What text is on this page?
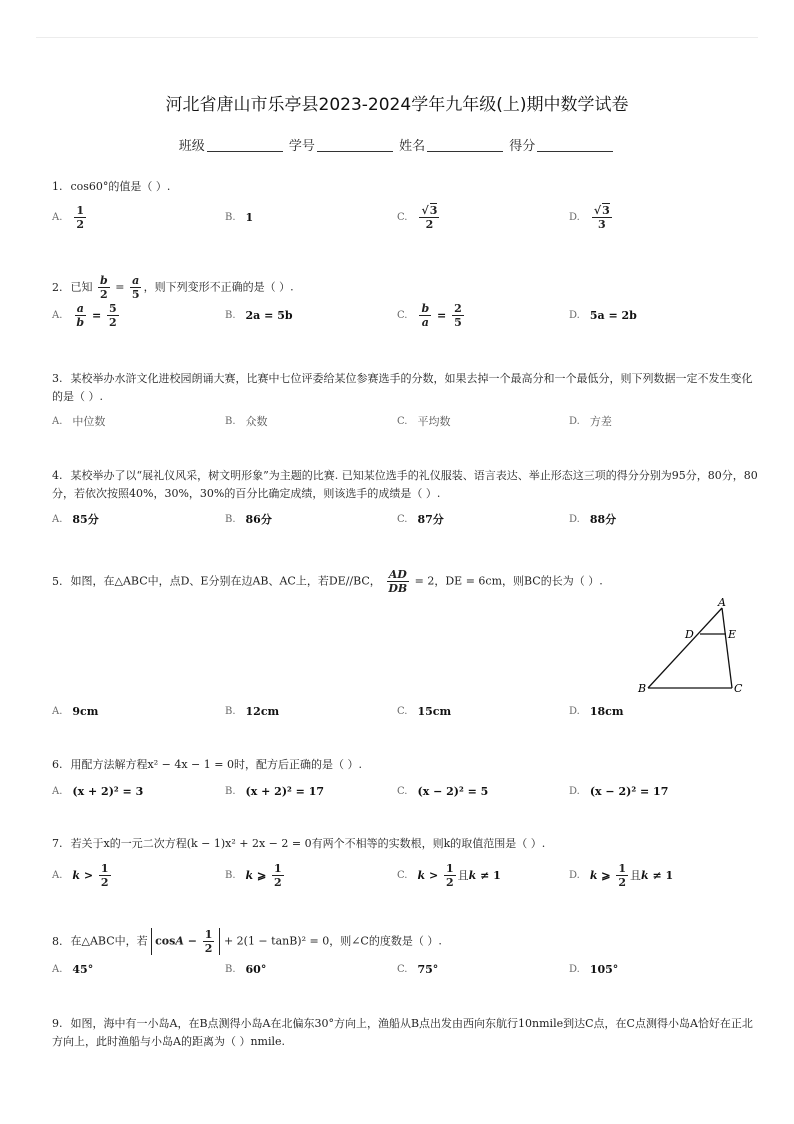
河北省唐山市乐亭县2023-2024学年九年级(上)期中数学试卷
班级	学号	姓名	得分
1. cos60°的值是（ ）.
A. $\frac{1}{2}$	B. 1	C. $\frac{√3}{2}$	D. $\frac{√3}{3}$
2. 已知 $\frac{b}{2} = \frac{a}{5}$ ，则下列变形不正确的是（ ）.
A. $\frac{a}{b} = \frac{5}{2}$	B. 2a = 5b	C. $\frac{b}{a} = \frac{2}{5}$	D. 5a = 2b
3. 某校举办水浒文化进校园朗诵大赛，比赛中七位评委给某位参赛选手的分数，如果去掉一个最高分和一个最低分，则下列数据一定不发生变化的是（ ）.
A. 中位数	B. 众数	C. 平均数	D. 方差
4. 某校举办了以“展礼仪风采，树文明形象”为主题的比赛. 已知某位选手的礼仪服装、语言表达、举止形态这三项的得分分别为95分，80分，80分，若依次按照40%，30%，30%的百分比确定成绩，则该选手的成绩是（ ）.
A. 85分	B. 86分	C. 87分	D. 88分
5. 如图，在△ABC中，点D、E分别在边AB、AC上，若DE//BC， $\frac{AD}{DB} = 2$，DE = 6cm，则BC的长为（ ）.
A
D	E
B	C
A. 9cm	B. 12cm	C. 15cm	D. 18cm
6. 用配方法解方程x² − 4x − 1 = 0时，配方后正确的是（ ）.
A. (x + 2)² = 3	B. (x + 2)² = 17	C. (x − 2)² = 5	D. (x − 2)² = 17
7. 若关于x的一元二次方程(k − 1)x² + 2x − 2 = 0有两个不相等的实数根，则k的取值范围是（ ）.
A. $k > \frac{1}{2}$	B. k ⩾ $\frac{1}{2}$	C. $k > \frac{1}{2}$ 且 k ≠ 1	D. k ⩾ $\frac{1}{2}$ 且 k ≠ 1
8. 在△ABC中，若 $\cos A - \frac{1}{2} + 2(1 - \tan B)^2 = 0$，则∠C的度数是（ ）.
A. 45°	B. 60°	C. 75°	D. 105°
9. 如图，海中有一小岛A，在B点测得小岛A在北偏东30°方向上，渔船从B点出发由西向东航行10nmile到达C点，在C点测得小岛A恰好在正北方向上，此时渔船与小岛A的距离为（ ）nmile.
